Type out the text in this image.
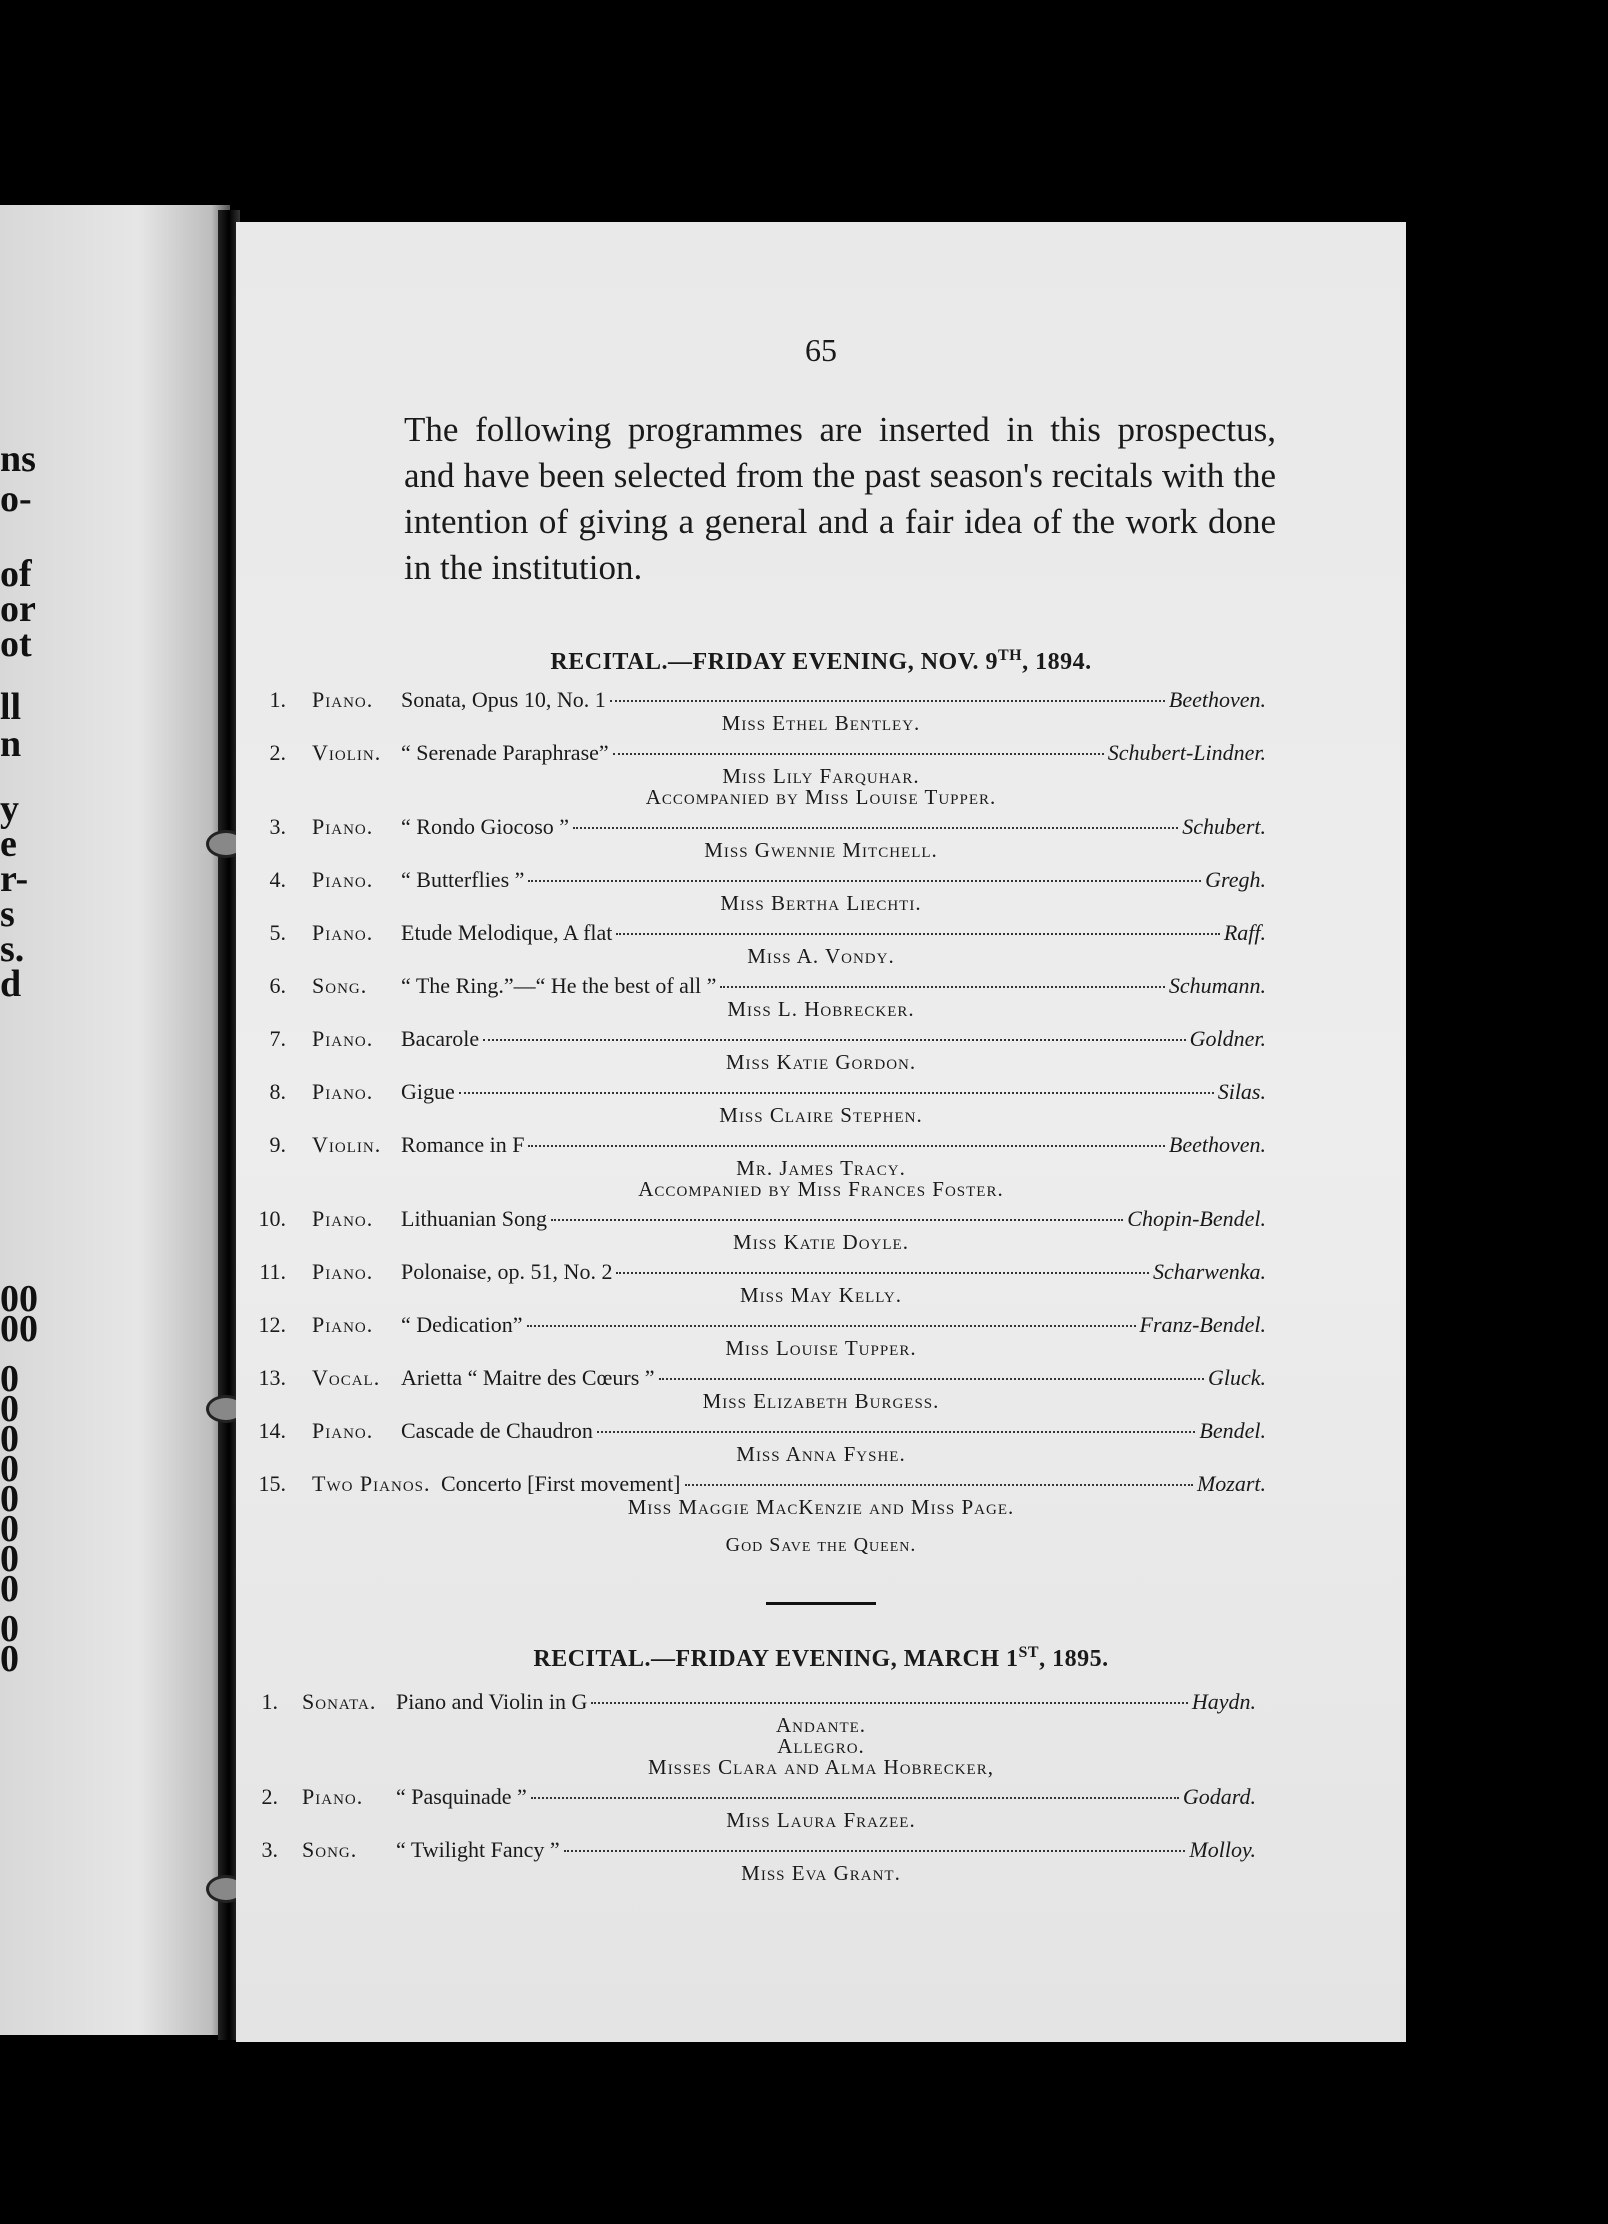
ns
o-
of
or
ot
ll
n
y
e
r-
s
s.
d
00
00
0
0
0
0
0
0
0
0
0
0
65
The following programmes are inserted in this prospectus, and have been selected from the past season's recitals with the intention of giving a general and a fair idea of the work done in the institution.
RECITAL.—FRIDAY EVENING, NOV. 9TH, 1894.
1. Piano. Sonata, Opus 10, No. 1	Beethoven.
Miss Ethel Bentley.
2. Violin. “ Serenade Paraphrase”	Schubert-Lindner.
Miss Lily Farquhar.
Accompanied by Miss Louise Tupper.
3. Piano. “ Rondo Giocoso ”	Schubert.
Miss Gwennie Mitchell.
4. Piano. “ Butterflies ”	Gregh.
Miss Bertha Liechti.
5. Piano. Etude Melodique, A flat	Raff.
Miss A. Vondy.
6. Song. “ The Ring.”—“ He the best of all ”	Schumann.
Miss L. Hobrecker.
7. Piano. Bacarole	Goldner.
Miss Katie Gordon.
8. Piano. Gigue	Silas.
Miss Claire Stephen.
9. Violin. Romance in F	Beethoven.
Mr. James Tracy.
Accompanied by Miss Frances Foster.
10. Piano. Lithuanian Song	Chopin-Bendel.
Miss Katie Doyle.
11. Piano. Polonaise, op. 51, No. 2	Scharwenka.
Miss May Kelly.
12. Piano. “ Dedication”	Franz-Bendel.
Miss Louise Tupper.
13. Vocal. Arietta “ Maitre des Cœurs ”	Gluck.
Miss Elizabeth Burgess.
14. Piano. Cascade de Chaudron	Bendel.
Miss Anna Fyshe.
15. Two Pianos. Concerto [First movement]	Mozart.
Miss Maggie MacKenzie and Miss Page.
God Save the Queen.
RECITAL.—FRIDAY EVENING, MARCH 1ST, 1895.
1. Sonata. Piano and Violin in G	Haydn.
Andante.
Allegro.
Misses Clara and Alma Hobrecker,
2. Piano. “ Pasquinade ”	Godard.
Miss Laura Frazee.
3. Song. “ Twilight Fancy ”	Molloy.
Miss Eva Grant.
